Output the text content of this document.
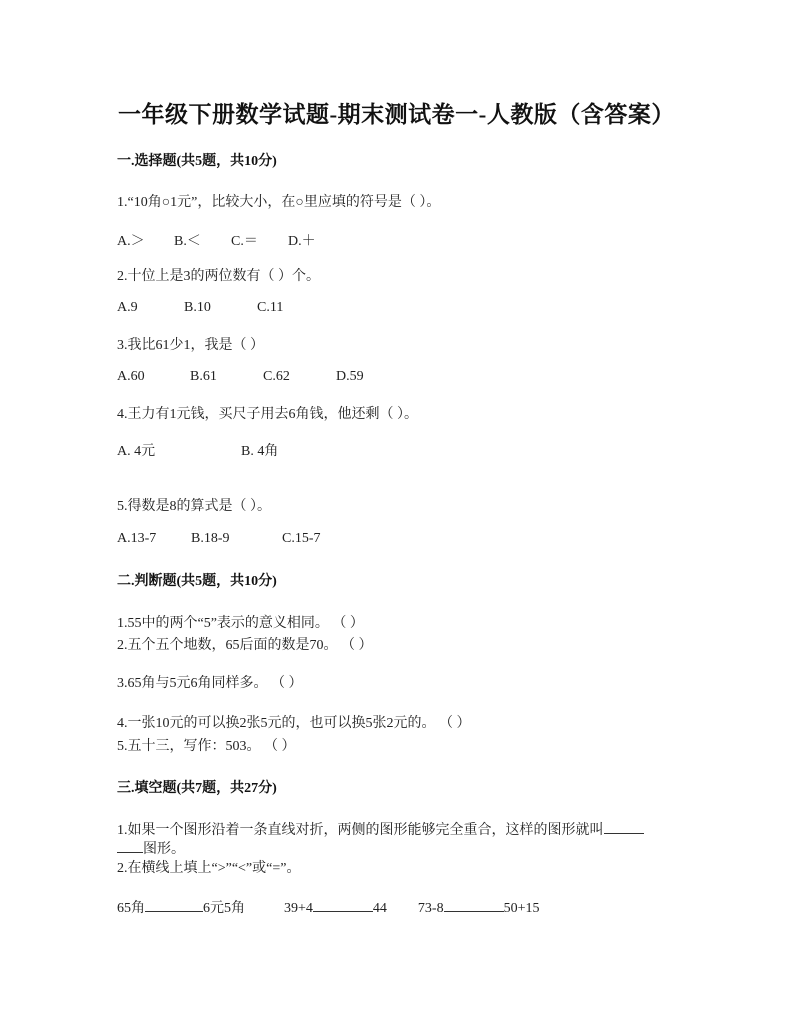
一年级下册数学试题-期末测试卷一-人教版（含答案）
一.选择题(共5题，共10分)
1.“10角○1元”，比较大小，在○里应填的符号是（ ）。
A.＞ B.＜ C.＝ D.＋
2.十位上是3的两位数有（ ）个。
A.9	B.10	C.11
3.我比61少1，我是（ ）
A.60	B.61	C.62	D.59
4.王力有1元钱，买尺子用去6角钱，他还剩（ ）。
A. 4元	B. 4角
5.得数是8的算式是（ ）。
A.13-7 B.18-9	C.15-7
二.判断题(共5题，共10分)
1.55中的两个“5”表示的意义相同。 （ ）
2.五个五个地数，65后面的数是70。 （ ）
3.65角与5元6角同样多。 （ ）
4.一张10元的可以换2张5元的，也可以换5张2元的。 （ ）
5.五十三，写作：503。 （ ）
三.填空题(共7题，共27分)
1.如果一个图形沿着一条直线对折，两侧的图形能够完全重合，这样的图形就叫
图形。
2.在横线上填上“>”“<”或“=”。
65角	6元5角	39+4	44 73-8	50+15
